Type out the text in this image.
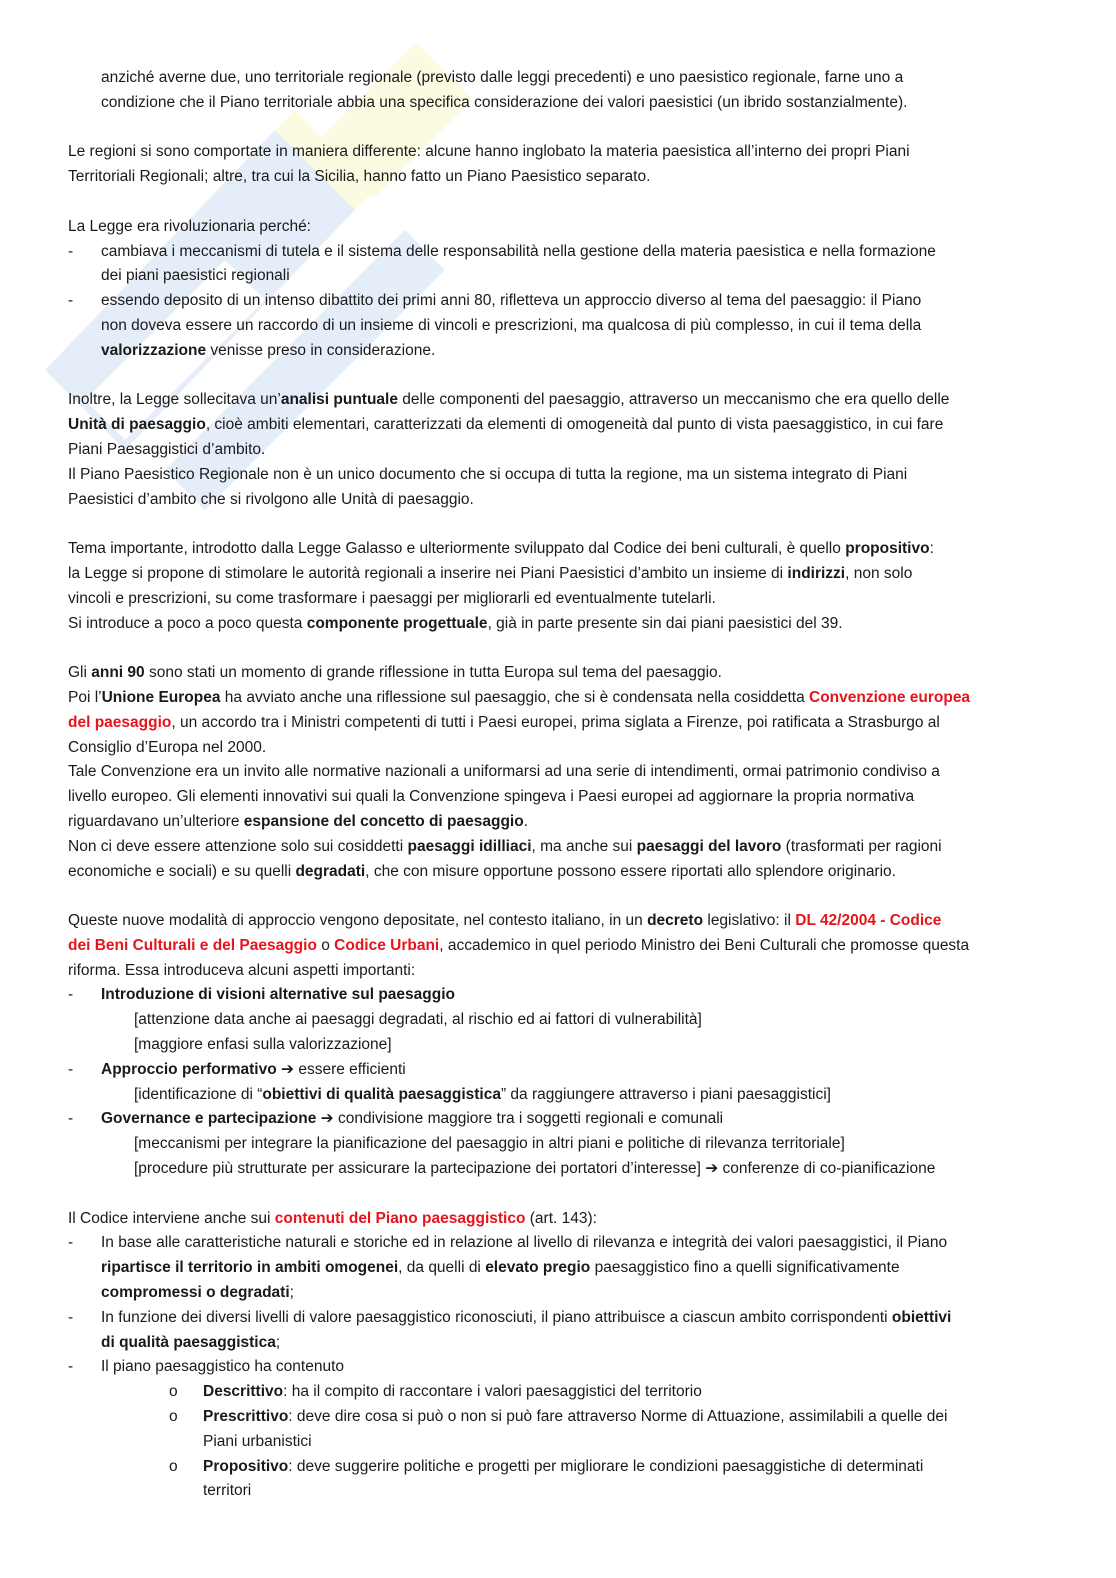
anziché averne due, uno territoriale regionale (previsto dalle leggi precedenti) e uno paesistico regionale, farne uno a
condizione che il Piano territoriale abbia una specifica considerazione dei valori paesistici (un ibrido sostanzialmente).
Le regioni si sono comportate in maniera differente: alcune hanno inglobato la materia paesistica all’interno dei propri Piani
Territoriali Regionali; altre, tra cui la Sicilia, hanno fatto un Piano Paesistico separato.
La Legge era rivoluzionaria perché:
- cambiava i meccanismi di tutela e il sistema delle responsabilità nella gestione della materia paesistica e nella formazione
dei piani paesistici regionali
- essendo deposito di un intenso dibattito dei primi anni 80, rifletteva un approccio diverso al tema del paesaggio: il Piano
non doveva essere un raccordo di un insieme di vincoli e prescrizioni, ma qualcosa di più complesso, in cui il tema della
valorizzazione venisse preso in considerazione.
Inoltre, la Legge sollecitava un’analisi puntuale delle componenti del paesaggio, attraverso un meccanismo che era quello delle
Unità di paesaggio, cioè ambiti elementari, caratterizzati da elementi di omogeneità dal punto di vista paesaggistico, in cui fare
Piani Paesaggistici d’ambito.
Il Piano Paesistico Regionale non è un unico documento che si occupa di tutta la regione, ma un sistema integrato di Piani
Paesistici d’ambito che si rivolgono alle Unità di paesaggio.
Tema importante, introdotto dalla Legge Galasso e ulteriormente sviluppato dal Codice dei beni culturali, è quello propositivo:
la Legge si propone di stimolare le autorità regionali a inserire nei Piani Paesistici d’ambito un insieme di indirizzi, non solo
vincoli e prescrizioni, su come trasformare i paesaggi per migliorarli ed eventualmente tutelarli.
Si introduce a poco a poco questa componente progettuale, già in parte presente sin dai piani paesistici del 39.
Gli anni 90 sono stati un momento di grande riflessione in tutta Europa sul tema del paesaggio.
Poi l’Unione Europea ha avviato anche una riflessione sul paesaggio, che si è condensata nella cosiddetta Convenzione europea
del paesaggio, un accordo tra i Ministri competenti di tutti i Paesi europei, prima siglata a Firenze, poi ratificata a Strasburgo al
Consiglio d’Europa nel 2000.
Tale Convenzione era un invito alle normative nazionali a uniformarsi ad una serie di intendimenti, ormai patrimonio condiviso a
livello europeo. Gli elementi innovativi sui quali la Convenzione spingeva i Paesi europei ad aggiornare la propria normativa
riguardavano un’ulteriore espansione del concetto di paesaggio.
Non ci deve essere attenzione solo sui cosiddetti paesaggi idilliaci, ma anche sui paesaggi del lavoro (trasformati per ragioni
economiche e sociali) e su quelli degradati, che con misure opportune possono essere riportati allo splendore originario.
Queste nuove modalità di approccio vengono depositate, nel contesto italiano, in un decreto legislativo: il DL 42/2004 - Codice
dei Beni Culturali e del Paesaggio o Codice Urbani, accademico in quel periodo Ministro dei Beni Culturali che promosse questa
riforma. Essa introduceva alcuni aspetti importanti:
- Introduzione di visioni alternative sul paesaggio
[attenzione data anche ai paesaggi degradati, al rischio ed ai fattori di vulnerabilità]
[maggiore enfasi sulla valorizzazione]
- Approccio performativo ➔ essere efficienti
[identificazione di “obiettivi di qualità paesaggistica” da raggiungere attraverso i piani paesaggistici]
- Governance e partecipazione ➔ condivisione maggiore tra i soggetti regionali e comunali
[meccanismi per integrare la pianificazione del paesaggio in altri piani e politiche di rilevanza territoriale]
[procedure più strutturate per assicurare la partecipazione dei portatori d’interesse] ➔ conferenze di co-pianificazione
Il Codice interviene anche sui contenuti del Piano paesaggistico (art. 143):
- In base alle caratteristiche naturali e storiche ed in relazione al livello di rilevanza e integrità dei valori paesaggistici, il Piano
ripartisce il territorio in ambiti omogenei, da quelli di elevato pregio paesaggistico fino a quelli significativamente
compromessi o degradati;
- In funzione dei diversi livelli di valore paesaggistico riconosciuti, il piano attribuisce a ciascun ambito corrispondenti obiettivi
di qualità paesaggistica;
- Il piano paesaggistico ha contenuto
o Descrittivo: ha il compito di raccontare i valori paesaggistici del territorio
o Prescrittivo: deve dire cosa si può o non si può fare attraverso Norme di Attuazione, assimilabili a quelle dei
Piani urbanistici
o Propositivo: deve suggerire politiche e progetti per migliorare le condizioni paesaggistiche di determinati
territori
